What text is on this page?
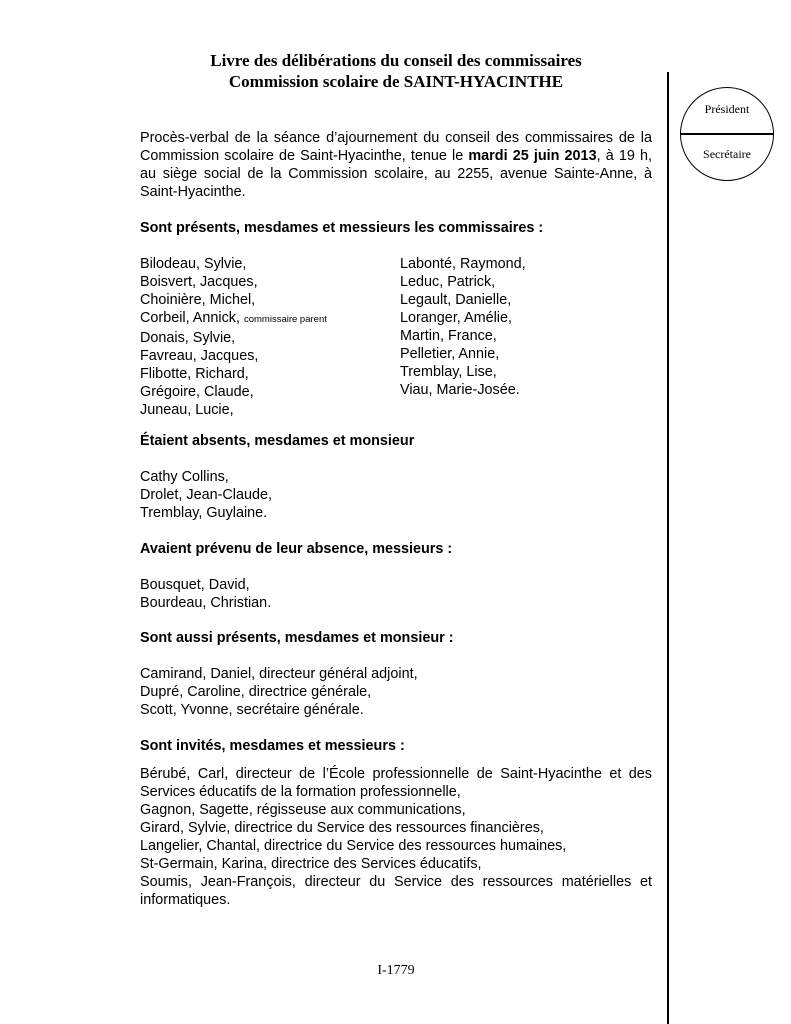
Livre des délibérations du conseil des commissaires
Commission scolaire de SAINT-HYACINTHE
Président
Secrétaire
Procès-verbal de la séance d’ajournement du conseil des commissaires de la Commission scolaire de Saint-Hyacinthe, tenue le mardi 25 juin 2013, à 19 h, au siège social de la Commission scolaire, au 2255, avenue Sainte-Anne, à Saint-Hyacinthe.
Sont présents, mesdames et messieurs les commissaires :
Bilodeau, Sylvie,
Boisvert, Jacques,
Choinière, Michel,
Corbeil, Annick, commissaire parent
Donais, Sylvie,
Favreau, Jacques,
Flibotte, Richard,
Grégoire, Claude,
Juneau, Lucie,
Labonté, Raymond,
Leduc, Patrick,
Legault, Danielle,
Loranger, Amélie,
Martin, France,
Pelletier, Annie,
Tremblay, Lise,
Viau, Marie-Josée.
Étaient absents, mesdames et monsieur
Cathy Collins,
Drolet, Jean-Claude,
Tremblay, Guylaine.
Avaient prévenu de leur absence, messieurs :
Bousquet, David,
Bourdeau, Christian.
Sont aussi présents, mesdames et monsieur :
Camirand, Daniel, directeur général adjoint,
Dupré, Caroline, directrice générale,
Scott, Yvonne, secrétaire générale.
Sont invités, mesdames et messieurs :
Bérubé, Carl, directeur de l’École professionnelle de Saint-Hyacinthe et des Services éducatifs de la formation professionnelle,
Gagnon, Sagette, régisseuse aux communications,
Girard, Sylvie, directrice du Service des ressources financières,
Langelier, Chantal, directrice du Service des ressources humaines,
St-Germain, Karina, directrice des Services éducatifs,
Soumis, Jean-François, directeur du Service des ressources matérielles et informatiques.
I-1779
